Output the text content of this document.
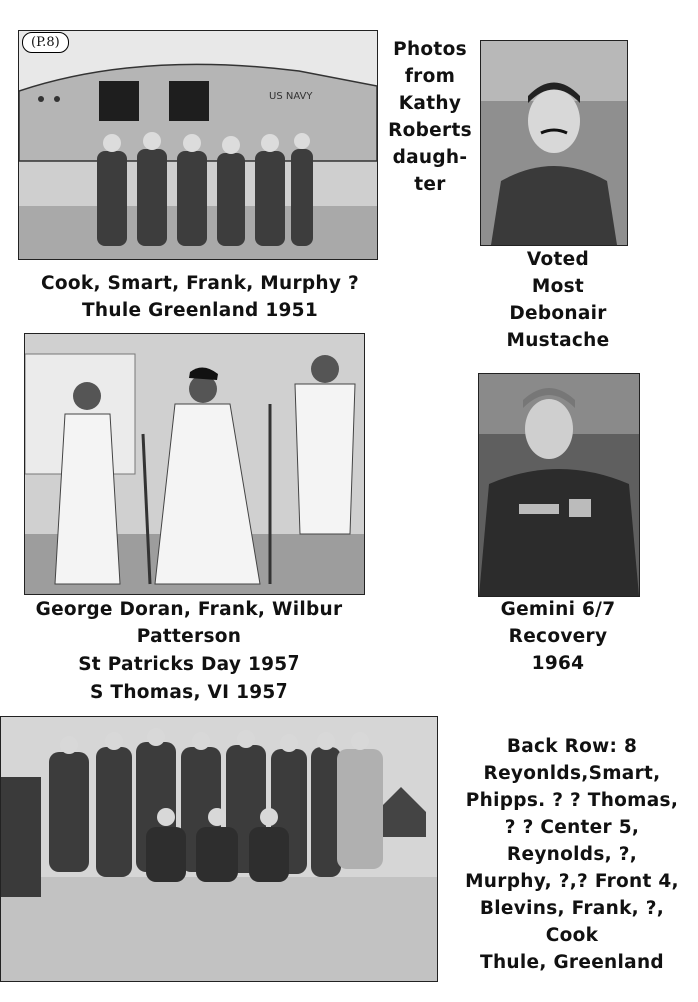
(P.8)
US NAVY
Photos
from
Kathy
Roberts
daugh-
ter
Cook, Smart, Frank, Murphy ?
Thule Greenland 1951
Voted
Most
Debonair
Mustache
George Doran, Frank, Wilbur
Patterson
St Patricks Day 1957
S Thomas, VI 1957
Gemini 6/7
Recovery
1964
Back Row: 8
Reyonlds,Smart,
Phipps. ? ? Thomas,
? ? Center 5,
Reynolds, ?,
Murphy, ?,? Front 4,
Blevins, Frank, ?,
Cook
Thule, Greenland
